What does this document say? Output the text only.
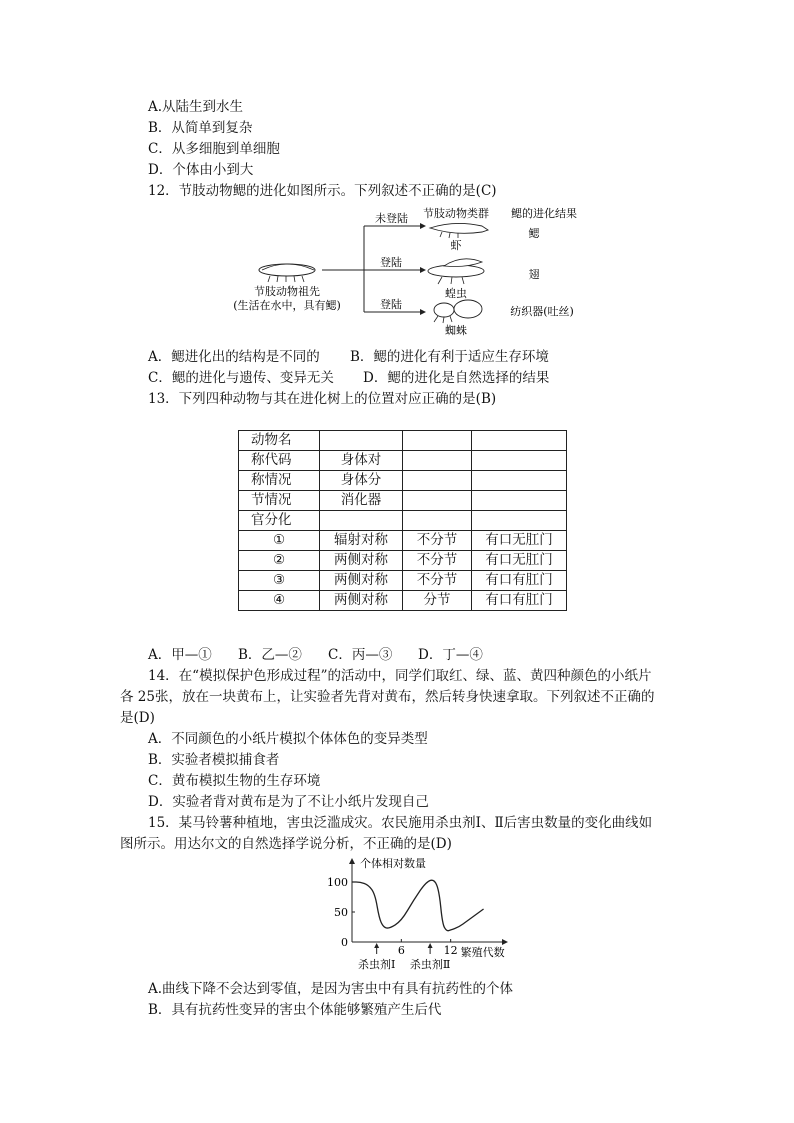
A.从陆生到水生
B．从简单到复杂
C．从多细胞到单细胞
D．个体由小到大
12．节肢动物鳃的进化如图所示。下列叙述不正确的是(C)
节肢动物祖先
(生活在水中，具有鳃)
未登陆
登陆
登陆
节肢动物类群 鳃的进化结果
虾
鳃
蝗虫
翅
蜘蛛
纺织器(吐丝)
A．鳃进化出的结构是不同的 B．鳃的进化有利于适应生存环境
C．鳃的进化与遗传、变异无关 D．鳃的进化是自然选择的结果
13．下列四种动物与其在进化树上的位置对应正确的是(B)
动物名			
称代码	身体对		
称情况	身体分		
节情况	消化器		
官分化			
①	辐射对称	不分节	有口无肛门
②	两侧对称	不分节	有口无肛门
③	两侧对称	不分节	有口有肛门
④	两侧对称	分节	有口有肛门
A．甲—① B．乙—② C．丙—③ D．丁—④
14．在“模拟保护色形成过程”的活动中，同学们取红、绿、蓝、黄四种颜色的小纸片
各 25张，放在一块黄布上，让实验者先背对黄布，然后转身快速拿取。下列叙述不正确的
是(D)
A．不同颜色的小纸片模拟个体体色的变异类型
B．实验者模拟捕食者
C．黄布模拟生物的生存环境
D．实验者背对黄布是为了不让小纸片发现自己
15．某马铃薯种植地，害虫泛滥成灾。农民施用杀虫剂Ⅰ、Ⅱ后害虫数量的变化曲线如
图所示。用达尔文的自然选择学说分析，不正确的是(D)
个体相对数量
繁殖代数
100
50
0
6	12
杀虫剂Ⅰ 杀虫剂Ⅱ
A.曲线下降不会达到零值，是因为害虫中有具有抗药性的个体
B．具有抗药性变异的害虫个体能够繁殖产生后代
